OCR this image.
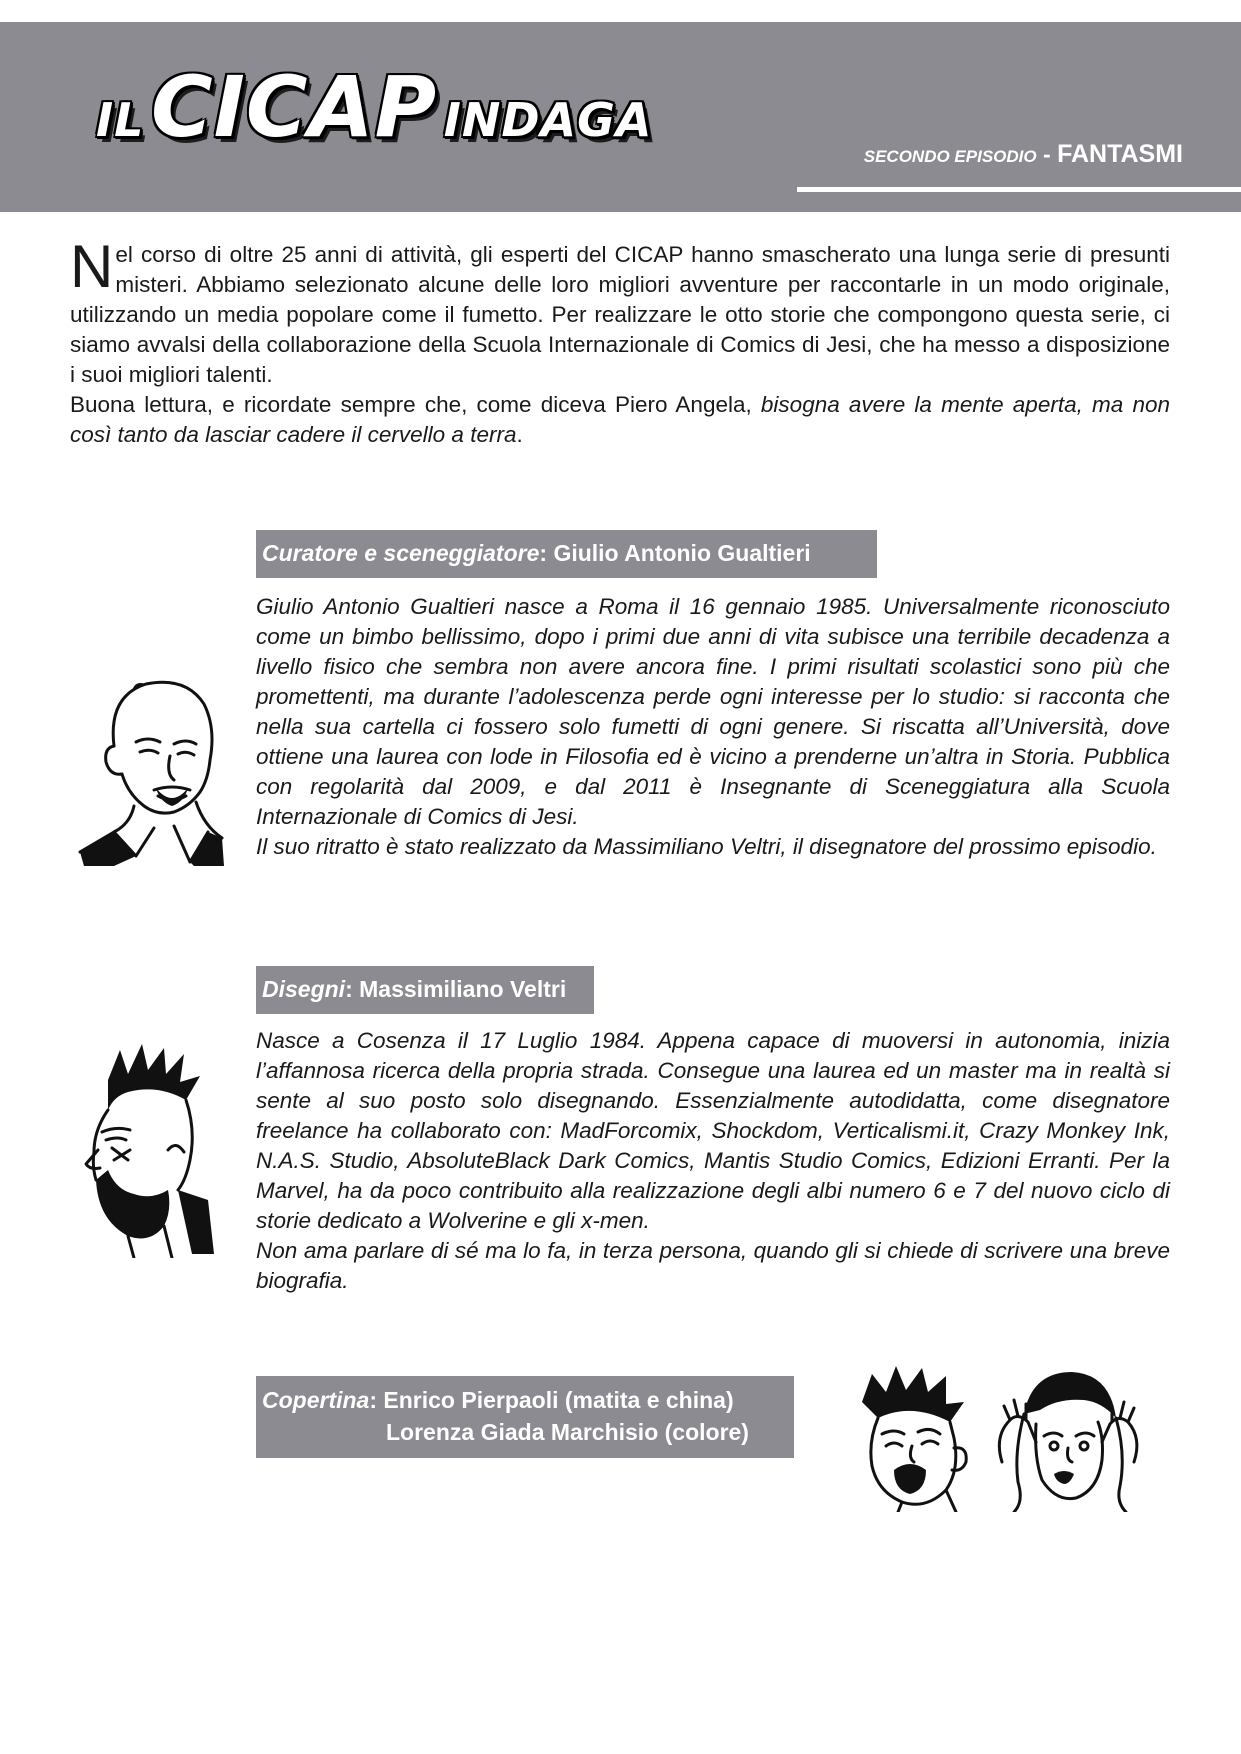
IL CICAP INDAGA
SECONDO EPISODIO - FANTASMI

Nel corso di oltre 25 anni di attività, gli esperti del CICAP hanno smascherato una lunga serie di presunti misteri. Abbiamo selezionato alcune delle loro migliori avventure per raccontarle in un modo originale, utilizzando un media popolare come il fumetto. Per realizzare le otto storie che compongono questa serie, ci siamo avvalsi della collaborazione della Scuola Internazionale di Comics di Jesi, che ha messo a disposizione i suoi migliori talenti.
Buona lettura, e ricordate sempre che, come diceva Piero Angela, bisogna avere la mente aperta, ma non così tanto da lasciar cadere il cervello a terra.

Curatore e sceneggiatore: Giulio Antonio Gualtieri

Giulio Antonio Gualtieri nasce a Roma il 16 gennaio 1985. Universalmente riconosciuto come un bimbo bellissimo, dopo i primi due anni di vita subisce una terribile decadenza a livello fisico che sembra non avere ancora fine. I primi risultati scolastici sono più che promettenti, ma durante l’adolescenza perde ogni interesse per lo studio: si racconta che nella sua cartella ci fossero solo fumetti di ogni genere. Si riscatta all’Università, dove ottiene una laurea con lode in Filosofia ed è vicino a prenderne un’altra in Storia. Pubblica con regolarità dal 2009, e dal 2011 è Insegnante di Sceneggiatura alla Scuola Internazionale di Comics di Jesi.
Il suo ritratto è stato realizzato da Massimiliano Veltri, il disegnatore del prossimo episodio.

Disegni: Massimiliano Veltri

Nasce a Cosenza il 17 Luglio 1984. Appena capace di muoversi in autonomia, inizia l’affannosa ricerca della propria strada. Consegue una laurea ed un master ma in realtà si sente al suo posto solo disegnando. Essenzialmente autodidatta, come disegnatore freelance ha collaborato con: MadForcomix, Shockdom, Verticalismi.it, Crazy Monkey Ink, N.A.S. Studio, AbsoluteBlack Dark Comics, Mantis Studio Comics, Edizioni Erranti. Per la Marvel, ha da poco contribuito alla realizzazione degli albi numero 6 e 7 del nuovo ciclo di storie dedicato a Wolverine e gli x-men.
Non ama parlare di sé ma lo fa, in terza persona, quando gli si chiede di scrivere una breve biografia.

Copertina: Enrico Pierpaoli (matita e china)
Lorenza Giada Marchisio (colore)
